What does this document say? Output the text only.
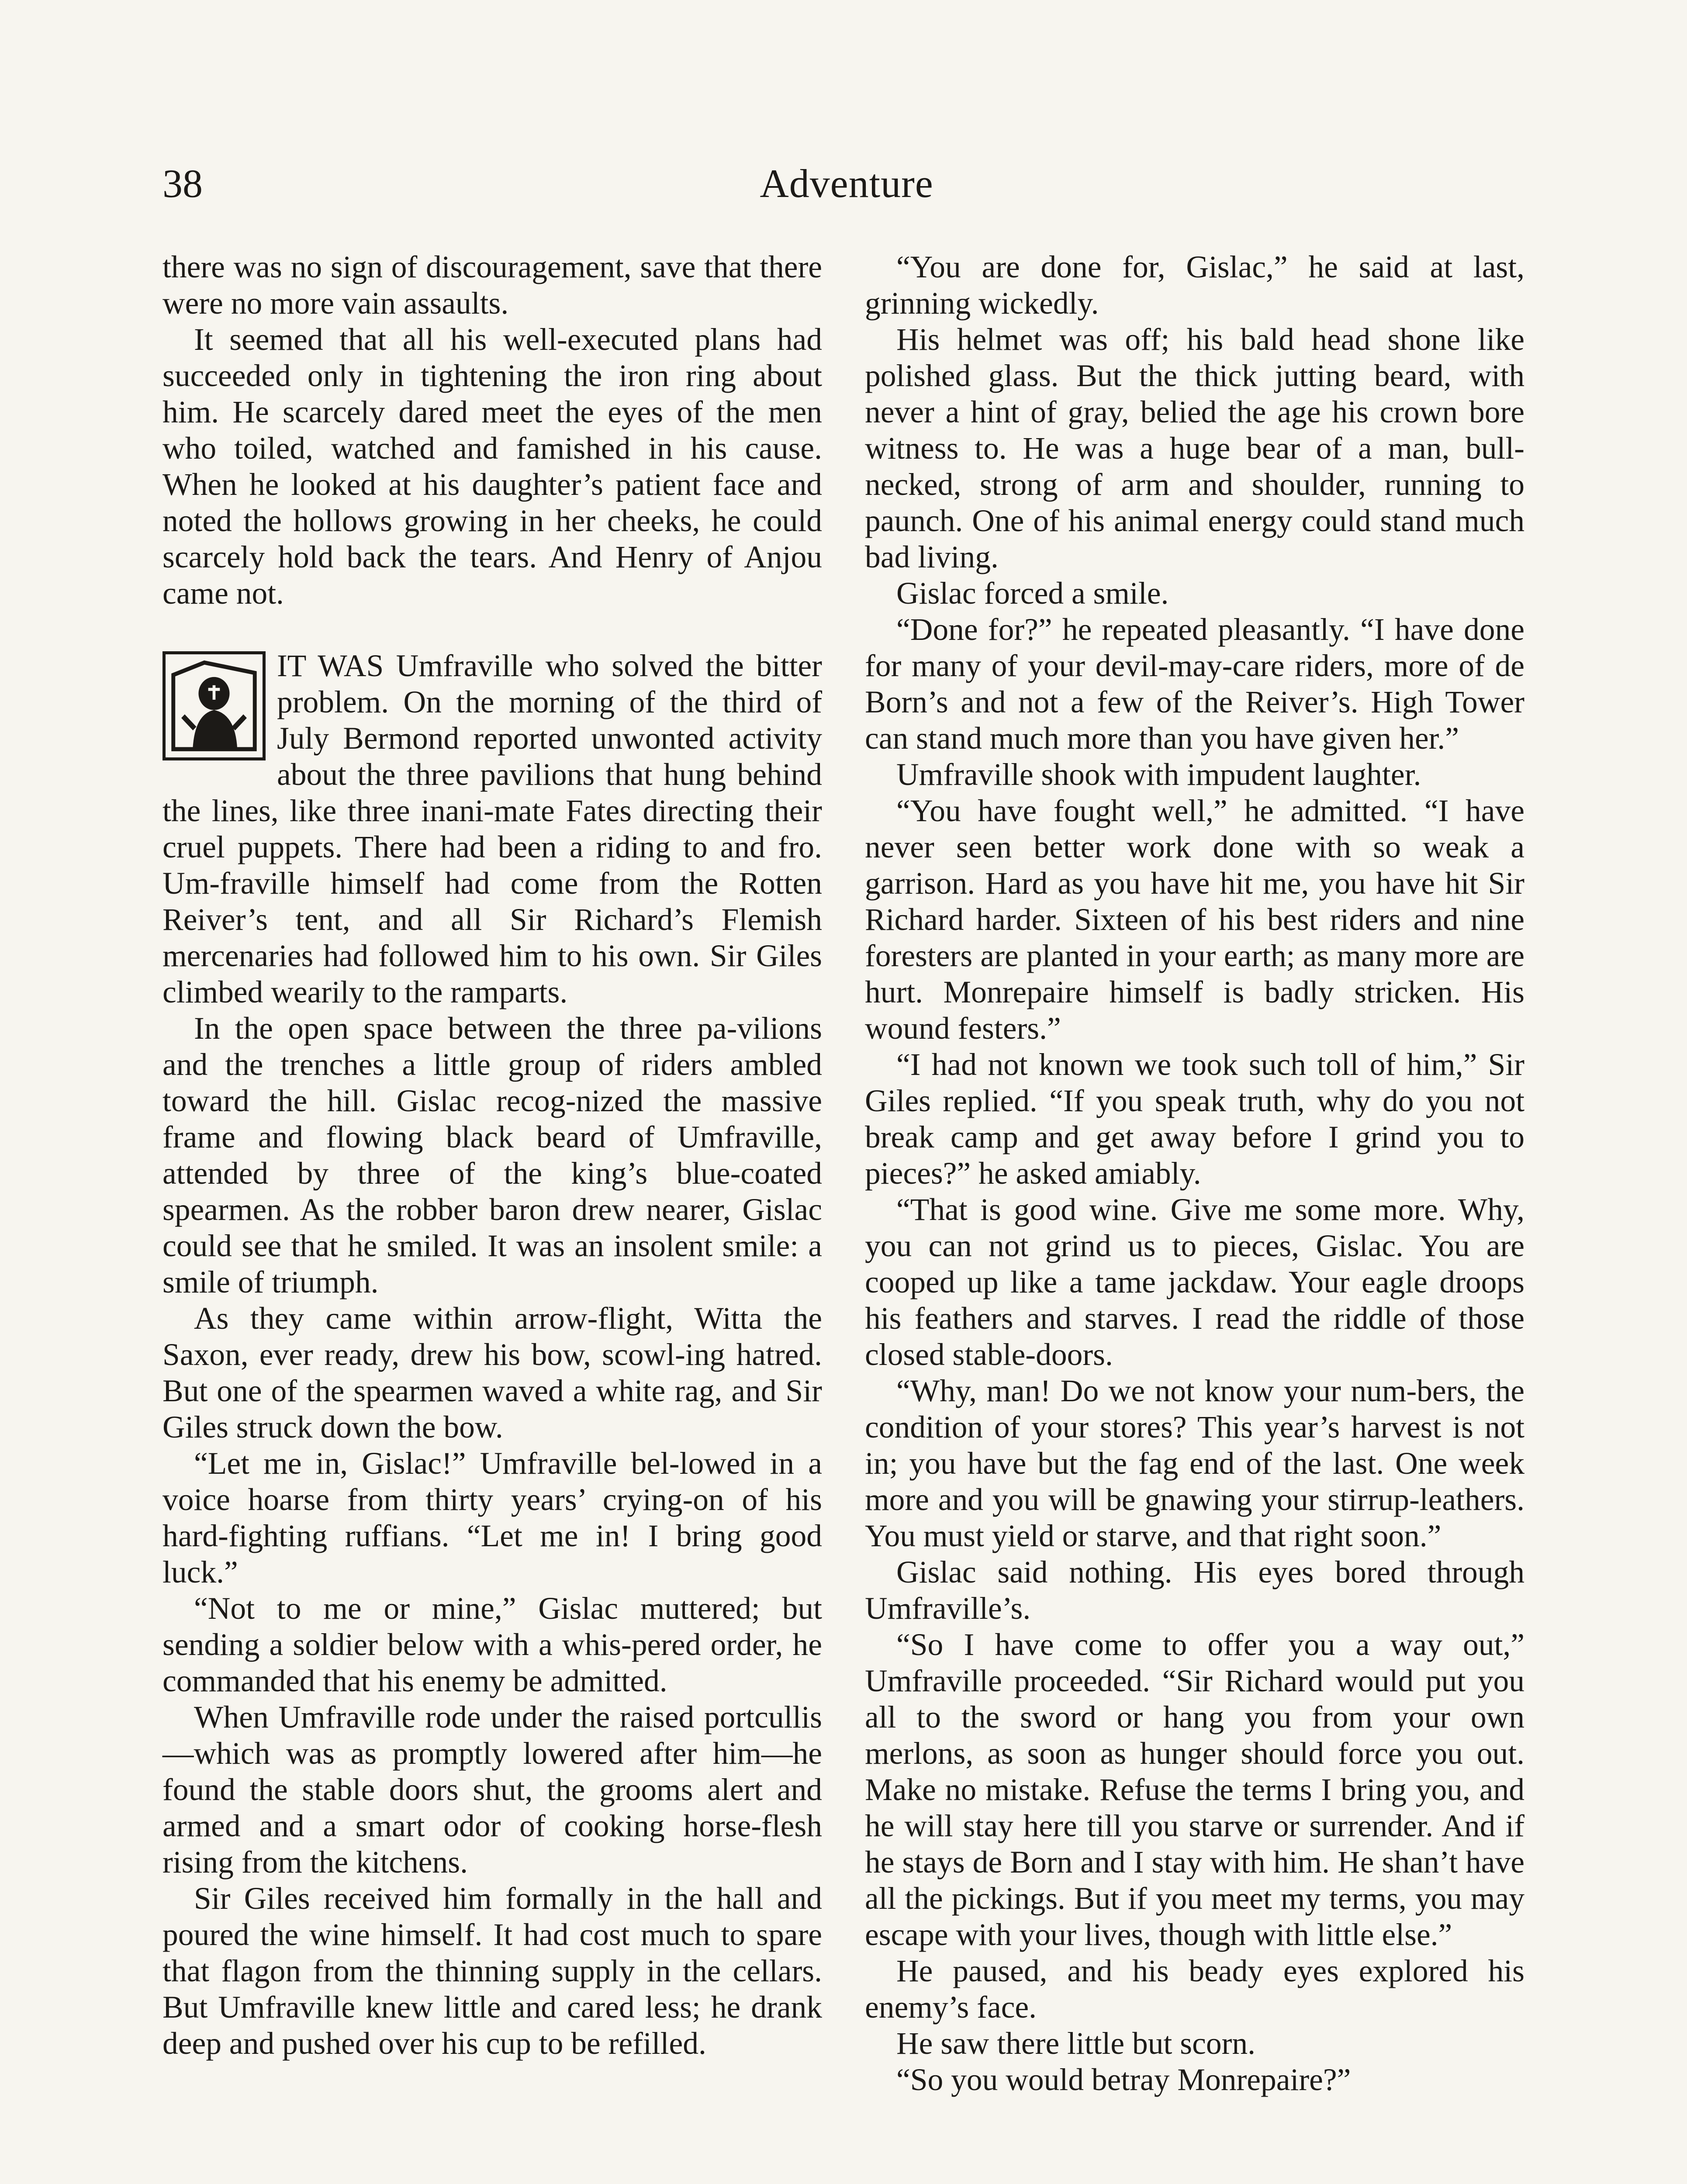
38	Adventure

there was no sign of discouragement, save that there were no more vain assaults.

It seemed that all his well-executed plans had succeeded only in tightening the iron ring about him. He scarcely dared meet the eyes of the men who toiled, watched and famished in his cause. When he looked at his daughter’s patient face and noted the hollows growing in her cheeks, he could scarcely hold back the tears. And Henry of Anjou came not.

IT WAS Umfraville who solved the bitter problem. On the morning of the third of July Bermond reported unwonted activity about the three pavilions that hung behind the lines, like three inani-mate Fates directing their cruel puppets. There had been a riding to and fro. Um-fraville himself had come from the Rotten Reiver’s tent, and all Sir Richard’s Flemish mercenaries had followed him to his own. Sir Giles climbed wearily to the ramparts.

In the open space between the three pa-vilions and the trenches a little group of riders ambled toward the hill. Gislac recog-nized the massive frame and flowing black beard of Umfraville, attended by three of the king’s blue-coated spearmen. As the robber baron drew nearer, Gislac could see that he smiled. It was an insolent smile: a smile of triumph.

As they came within arrow-flight, Witta the Saxon, ever ready, drew his bow, scowl-ing hatred. But one of the spearmen waved a white rag, and Sir Giles struck down the bow.

“Let me in, Gislac!” Umfraville bel-lowed in a voice hoarse from thirty years’ crying-on of his hard-fighting ruffians. “Let me in! I bring good luck.”

“Not to me or mine,” Gislac muttered; but sending a soldier below with a whis-pered order, he commanded that his enemy be admitted.

When Umfraville rode under the raised portcullis—which was as promptly lowered after him—he found the stable doors shut, the grooms alert and armed and a smart odor of cooking horse-flesh rising from the kitchens.

Sir Giles received him formally in the hall and poured the wine himself. It had cost much to spare that flagon from the thinning supply in the cellars. But Umfraville knew little and cared less; he drank deep and pushed over his cup to be refilled.

“You are done for, Gislac,” he said at last, grinning wickedly.

His helmet was off; his bald head shone like polished glass. But the thick jutting beard, with never a hint of gray, belied the age his crown bore witness to. He was a huge bear of a man, bull-necked, strong of arm and shoulder, running to paunch. One of his animal energy could stand much bad living.

Gislac forced a smile.

“Done for?” he repeated pleasantly. “I have done for many of your devil-may-care riders, more of de Born’s and not a few of the Reiver’s. High Tower can stand much more than you have given her.”

Umfraville shook with impudent laughter.

“You have fought well,” he admitted. “I have never seen better work done with so weak a garrison. Hard as you have hit me, you have hit Sir Richard harder. Sixteen of his best riders and nine foresters are planted in your earth; as many more are hurt. Monrepaire himself is badly stricken. His wound festers.”

“I had not known we took such toll of him,” Sir Giles replied. “If you speak truth, why do you not break camp and get away before I grind you to pieces?” he asked amiably.

“That is good wine. Give me some more. Why, you can not grind us to pieces, Gislac. You are cooped up like a tame jackdaw. Your eagle droops his feathers and starves. I read the riddle of those closed stable-doors.

“Why, man! Do we not know your num-bers, the condition of your stores? This year’s harvest is not in; you have but the fag end of the last. One week more and you will be gnawing your stirrup-leathers. You must yield or starve, and that right soon.”

Gislac said nothing. His eyes bored through Umfraville’s.

“So I have come to offer you a way out,” Umfraville proceeded. “Sir Richard would put you all to the sword or hang you from your own merlons, as soon as hunger should force you out. Make no mistake. Refuse the terms I bring you, and he will stay here till you starve or surrender. And if he stays de Born and I stay with him. He shan’t have all the pickings. But if you meet my terms, you may escape with your lives, though with little else.”

He paused, and his beady eyes explored his enemy’s face.

He saw there little but scorn.

“So you would betray Monrepaire?”
